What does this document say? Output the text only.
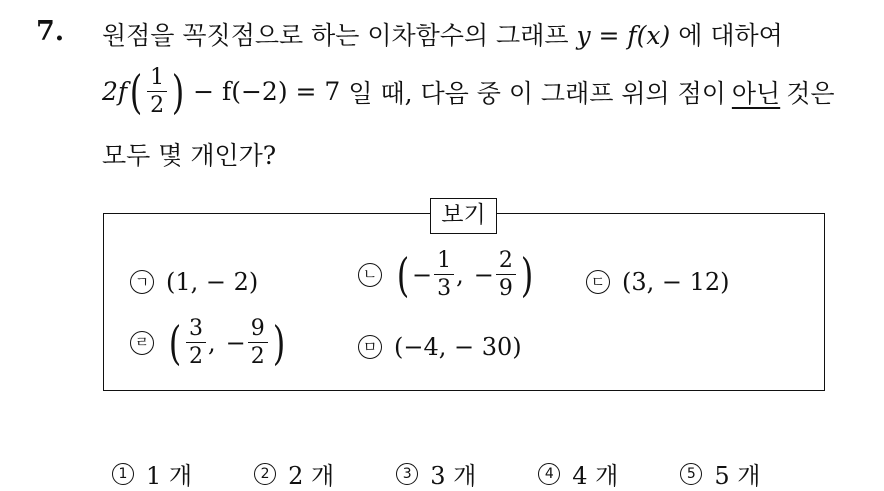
7. 원점을 꼭짓점으로 하는 이차함수의 그래프 y = f(x) 에 대하여
2f ( $\frac{1}{2}$ ) − f(−2) = 7 일 때, 다음 중 이 그래프 위의 점이 아닌 것은
모두 몇 개인가?
보기
ㄱ (1, − 2)	ㄴ ( − $\frac{1}{3}$ , − $\frac{2}{9}$ )	ㄷ (3, − 12)
ㄹ ( $\frac{3}{2}$ , − $\frac{9}{2}$ )	ㅁ (−4, − 30)
1 1 개	2 2 개	3 3 개	4 4 개	5 5 개
